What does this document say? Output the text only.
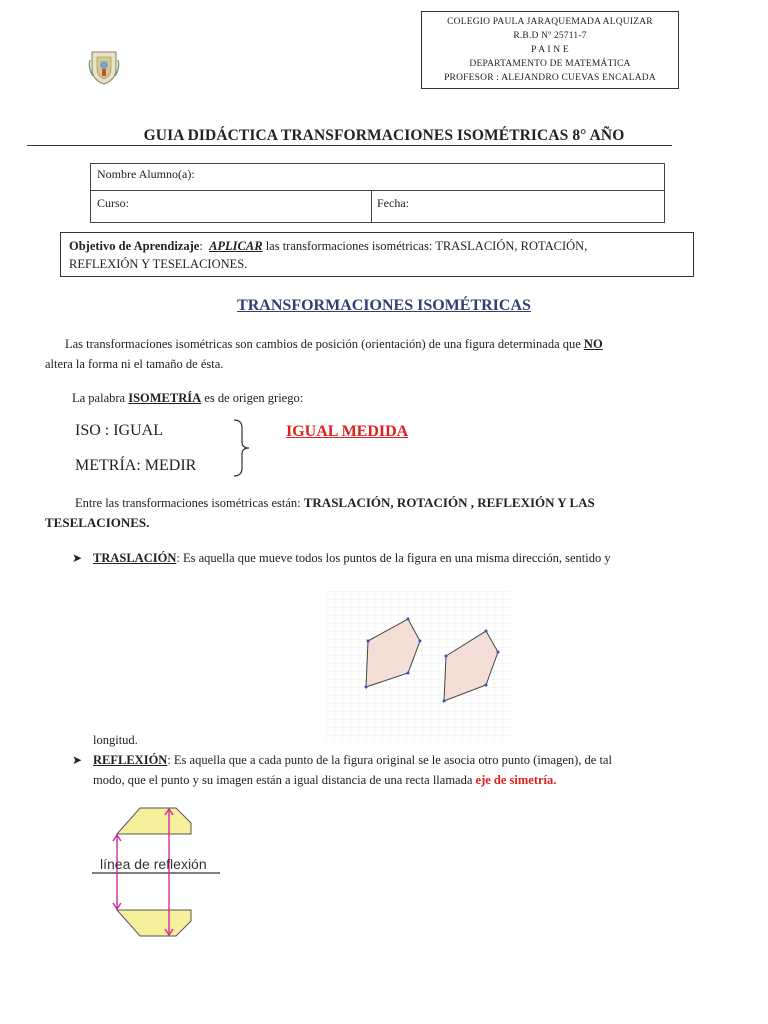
COLEGIO PAULA JARAQUEMADA ALQUIZAR
R.B.D Nº 25711-7
P A I N E
DEPARTAMENTO DE MATEMÁTICA
PROFESOR : ALEJANDRO CUEVAS ENCALADA
GUIA DIDÁCTICA TRANSFORMACIONES ISOMÉTRICAS 8° AÑO
Nombre Alumno(a):
Curso:	Fecha:
Objetivo de Aprendizaje: APLICAR las transformaciones isométricas: TRASLACIÓN, ROTACIÓN,
REFLEXIÓN Y TESELACIONES.
TRANSFORMACIONES ISOMÉTRICAS
Las transformaciones isométricas son cambios de posición (orientación) de una figura determinada que NO
altera la forma ni el tamaño de ésta.
La palabra ISOMETRÍA es de origen griego:
ISO : IGUAL
METRÍA: MEDIR
IGUAL MEDIDA
Entre las transformaciones isométricas están: TRASLACIÓN, ROTACIÓN , REFLEXIÓN Y LAS
TESELACIONES.
➤ TRASLACIÓN: Es aquella que mueve todos los puntos de la figura en una misma dirección, sentido y
longitud.
➤ REFLEXIÓN: Es aquella que a cada punto de la figura original se le asocia otro punto (imagen), de tal
modo, que el punto y su imagen están a igual distancia de una recta llamada eje de simetría.
línea de reflexión
